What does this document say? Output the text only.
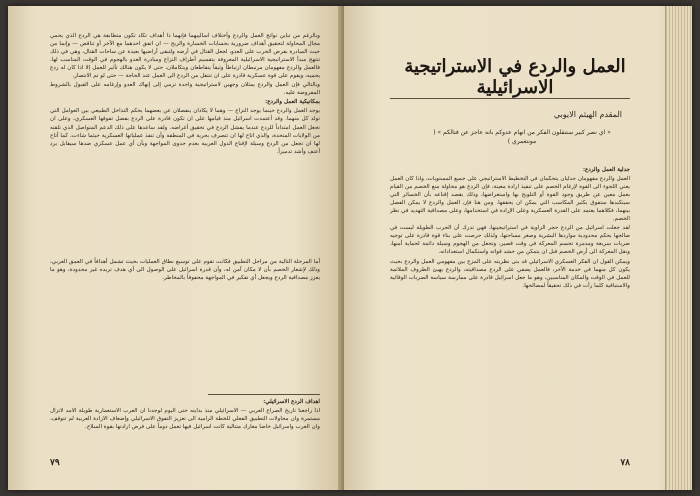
وبالرغم من تباين نواتج العمل والردع وأختلاف اساليبهما فإنهما ذا أهداف تكاد تكون متطابقة هي الردع الذي يحمي مجال المحاولة لتحقيق أهداف ضرورية بحسابات الخسارة والربح — ان اتفق احدهما مع الآخر أو تناقض — وإنما من حيث المبادرة بفرض الحرب على العدو، لجعل القتال في أرضه ولتبقى أراضيها بعيدة عن ساحات القتال، وهي في ذلك تنتهج مبدأ الاستراتيجية الاسرائيلية المعروفة بتقسيم أطراف النزاع ومبادرة العدو بالهجوم في الوقت المناسب لها. فالعمل والردع مفهومان مرتبطان ارتباطاً وثيقاً يتقاطعان ويتكاملان، حتى لا يكون هنالك تأثير للعمل إلا اذا كان له ردع يحميه، ويقوم على قوة عسكرية قادرة على ان تنتقل من الردع الى العمل عند الحاجة — حتى لو تم الانتصار.

وبالتالي فإن العمل والردع يمثلان وجهين لاستراتيجية واحدة ترمي إلى إنهاك العدو وإرغامه على القبول بالشروط المفروضة عليه.

بمكانيكية العمل والردع:

يوجد العمل والردع حينما يوجد النزاع — وهما لا يكادان ينفصلان عن بعضهما بحكم التداخل الطبيعي بين العوامل التي تولد كل منهما. وقد أعتمدت اسرائيل منذ قيامها على ان تكون قادرة على الردع بفضل تفوقها العسكري، وعلى ان تجعل العمل امتداداً للردع عندما يفشل الردع في تحقيق أغراضه. ولقد ساعدها على ذلك الدعم المتواصل الذي تلقته من الولايات المتحدة، والذي اتاح لها ان تتصرف بحرية في المنطقة وأن تنفذ عملياتها العسكرية حيثما شاءت، كما أتاح لها ان تجعل من الردع وسيلة لإقناع الدول العربية بعدم جدوى المواجهة وبأن أي عمل عسكري ضدها سيقابل برد أعنف وأشد تدميراً.

أما المرحلة التالية من مراحل التطبيق فكانت تقوم على توسيع نطاق العمليات بحيث تشمل أهدافاً في العمق العربي، وذلك لإشعار الخصم بأن لا مكان آمن له، وأن قدرة اسرائيل على الوصول الى أي هدف تريده غير محدودة، وهو ما يعزز مصداقية الردع ويجعل أي تفكير في المواجهة محفوفاً بالمخاطر.

اهداف الردع الاسرائيلي:

اذا راجعنا تاريخ الصراع العربي — الاسرائيلي منذ بدايته حتى اليوم لوجدنا ان العرب الاستعمارية طويلة الامد لاتزال مستمرة وان محاولات التطبيق الفعلي للخطة الرامية الى تعزيز التفوق الاسرائيلي وإضعاف الارادة العربية لم تتوقف، وان العرب واسرائيل خاضا معارك متتالية كانت اسرائيل فيها تعمل دوماً على فرض ارادتها بقوة السلاح.

٧٩
العمل والردع في الاستراتيجية الاسرائيلية
المقدم الهيثم الايوبي
« اي نصر كبير ستنقلون الفكر من انهام عدوكم بانه عاجز عن قتالكم » ( مونتغمري )

جدلية العمل والردع:

العمل والردع مفهومان جدليان يتحكمان في التخطيط الاستراتيجي على جميع المستويات، واذا كان العمل يعني اللجوء الى القوة لإرغام الخصم على تنفيذ ارادة معينة، فإن الردع هو محاولة منع الخصم من القيام بعمل معين عن طريق وجود القوة أو التلويح بها واستعراضها، وذلك بقصد إقناعه بأن الخسائر التي سيتكبدها ستفوق بكثير المكاسب التي يمكن ان يحققها. ومن هنا فإن العمل والردع لا يمكن الفصل بينهما، فكلاهما يعتمد على القدرة العسكرية وعلى الإرادة في استخدامها، وعلى مصداقية التهديد في نظر الخصم.

لقد جعلت اسرائيل من الردع حجر الزاوية في استراتيجيتها، فهي تدرك أن الحرب الطويلة ليست في صالحها بحكم محدودية مواردها البشرية وصغر مساحتها، ولذلك حرصت على بناء قوة قادرة على توجيه ضربات سريعة ومدمرة تحسم المعركة في وقت قصير، وتجعل من الهجوم وسيلة دائمة لحماية أمنها، ونقل المعركة الى أرض الخصم قبل ان يتمكن من حشد قواته واستكمال استعداداته.

ويمكن القول ان الفكر العسكري الاسرائيلي قد بنى نظريته على المزج بين مفهومي العمل والردع بحيث يكون كل منهما في خدمة الآخر، فالعمل يضفي على الردع مصداقيته، والردع يهيئ الظروف الملائمة للعمل في الوقت والمكان المناسبين، وهو ما جعل اسرائيل قادرة على ممارسة سياسة الضربات الوقائية والاستباقية كلما رأت في ذلك تحقيقاً لمصالحها.

٧٨
